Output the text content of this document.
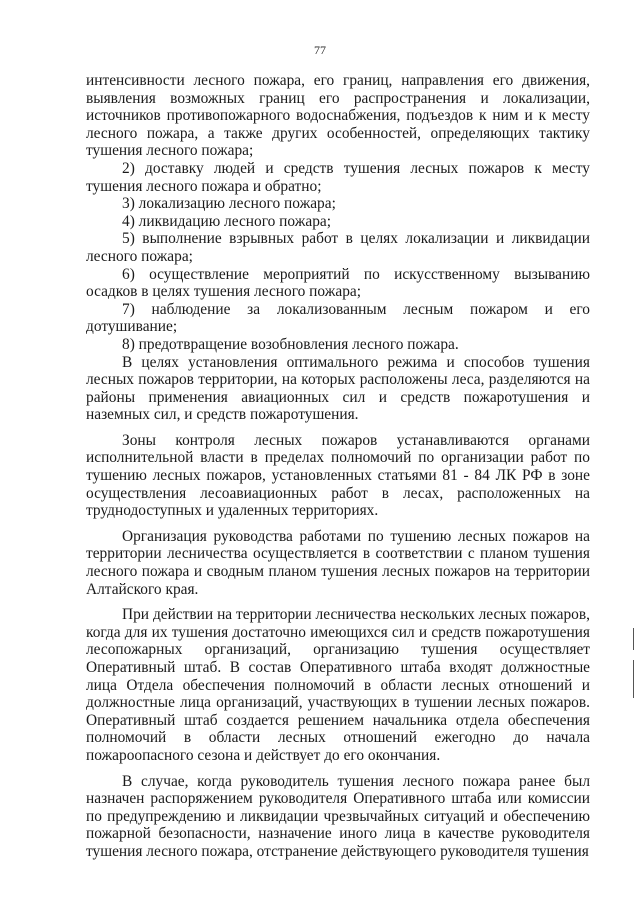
77

интенсивности лесного пожара, его границ, направления его движения, выявления возможных границ его распространения и локализации, источников противопожарного водоснабжения, подъездов к ним и к месту лесного пожара, а также других особенностей, определяющих тактику тушения лесного пожара;

2) доставку людей и средств тушения лесных пожаров к месту тушения лесного пожара и обратно;

3) локализацию лесного пожара;

4) ликвидацию лесного пожара;

5) выполнение взрывных работ в целях локализации и ликвидации лесного пожара;

6) осуществление мероприятий по искусственному вызыванию осадков в целях тушения лесного пожара;

7) наблюдение за локализованным лесным пожаром и его дотушивание;

8) предотвращение возобновления лесного пожара.

В целях установления оптимального режима и способов тушения лесных пожаров территории, на которых расположены леса, разделяются на районы применения авиационных сил и средств пожаротушения и наземных сил, и средств пожаротушения.

Зоны контроля лесных пожаров устанавливаются органами исполнительной власти в пределах полномочий по организации работ по тушению лесных пожаров, установленных статьями 81 - 84 ЛК РФ в зоне осуществления лесоавиационных работ в лесах, расположенных на труднодоступных и удаленных территориях.

Организация руководства работами по тушению лесных пожаров на территории лесничества осуществляется в соответствии с планом тушения лесного пожара и сводным планом тушения лесных пожаров на территории Алтайского края.

При действии на территории лесничества нескольких лесных пожаров, когда для их тушения достаточно имеющихся сил и средств пожаротушения лесопожарных организаций, организацию тушения осуществляет Оперативный штаб. В состав Оперативного штаба входят должностные лица Отдела обеспечения полномочий в области лесных отношений и должностные лица организаций, участвующих в тушении лесных пожаров. Оперативный штаб создается решением начальника отдела обеспечения полномочий в области лесных отношений ежегодно до начала пожароопасного сезона и действует до его окончания.

В случае, когда руководитель тушения лесного пожара ранее был назначен распоряжением руководителя Оперативного штаба или комиссии по предупреждению и ликвидации чрезвычайных ситуаций и обеспечению пожарной безопасности, назначение иного лица в качестве руководителя тушения лесного пожара, отстранение действующего руководителя тушения
